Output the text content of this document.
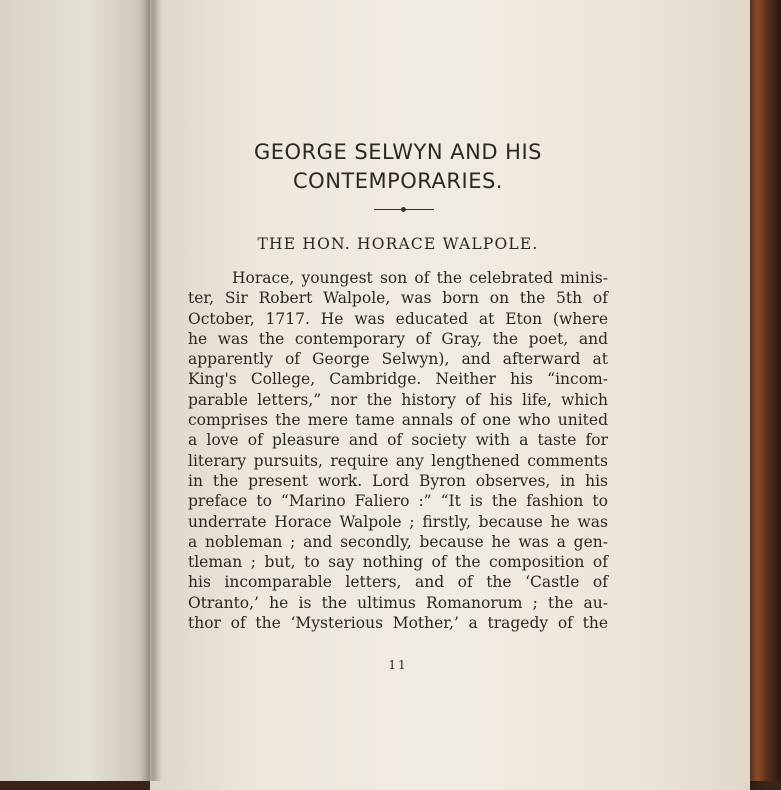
GEORGE SELWYN AND HIS
CONTEMPORARIES.
THE HON. HORACE WALPOLE.
Horace, youngest son of the celebrated minis-
ter, Sir Robert Walpole, was born on the 5th of
October, 1717. He was educated at Eton (where
he was the contemporary of Gray, the poet, and
apparently of George Selwyn), and afterward at
King's College, Cambridge. Neither his “incom-
parable letters,” nor the history of his life, which
comprises the mere tame annals of one who united
a love of pleasure and of society with a taste for
literary pursuits, require any lengthened comments
in the present work. Lord Byron observes, in his
preface to “Marino Faliero :” “It is the fashion to
underrate Horace Walpole ; firstly, because he was
a nobleman ; and secondly, because he was a gen-
tleman ; but, to say nothing of the composition of
his incomparable letters, and of the ‘Castle of
Otranto,’ he is the ultimus Romanorum ; the au-
thor of the ‘Mysterious Mother,’ a tragedy of the
11
